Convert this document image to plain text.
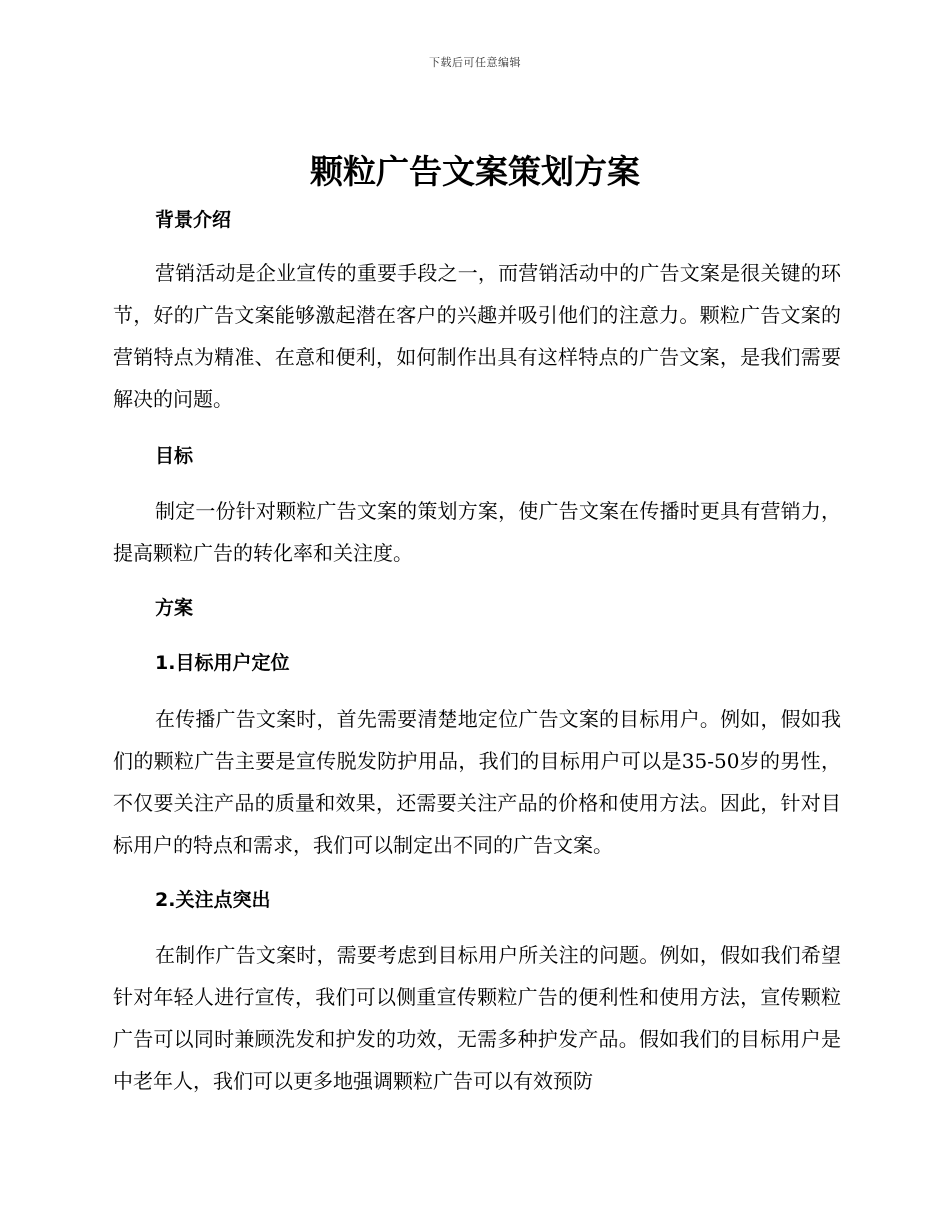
下载后可任意编辑
颗粒广告文案策划方案
背景介绍

营销活动是企业宣传的重要手段之一，而营销活动中的广告文案是很关键的环节，好的广告文案能够激起潜在客户的兴趣并吸引他们的注意力。颗粒广告文案的营销特点为精准、在意和便利，如何制作出具有这样特点的广告文案，是我们需要解决的问题。

目标

制定一份针对颗粒广告文案的策划方案，使广告文案在传播时更具有营销力，提高颗粒广告的转化率和关注度。

方案
1.目标用户定位

在传播广告文案时，首先需要清楚地定位广告文案的目标用户。例如，假如我们的颗粒广告主要是宣传脱发防护用品，我们的目标用户可以是35-50岁的男性，不仅要关注产品的质量和效果，还需要关注产品的价格和使用方法。因此，针对目标用户的特点和需求，我们可以制定出不同的广告文案。

2.关注点突出

在制作广告文案时，需要考虑到目标用户所关注的问题。例如，假如我们希望针对年轻人进行宣传，我们可以侧重宣传颗粒广告的便利性和使用方法，宣传颗粒广告可以同时兼顾洗发和护发的功效，无需多种护发产品。假如我们的目标用户是中老年人，我们可以更多地强调颗粒广告可以有效预防
